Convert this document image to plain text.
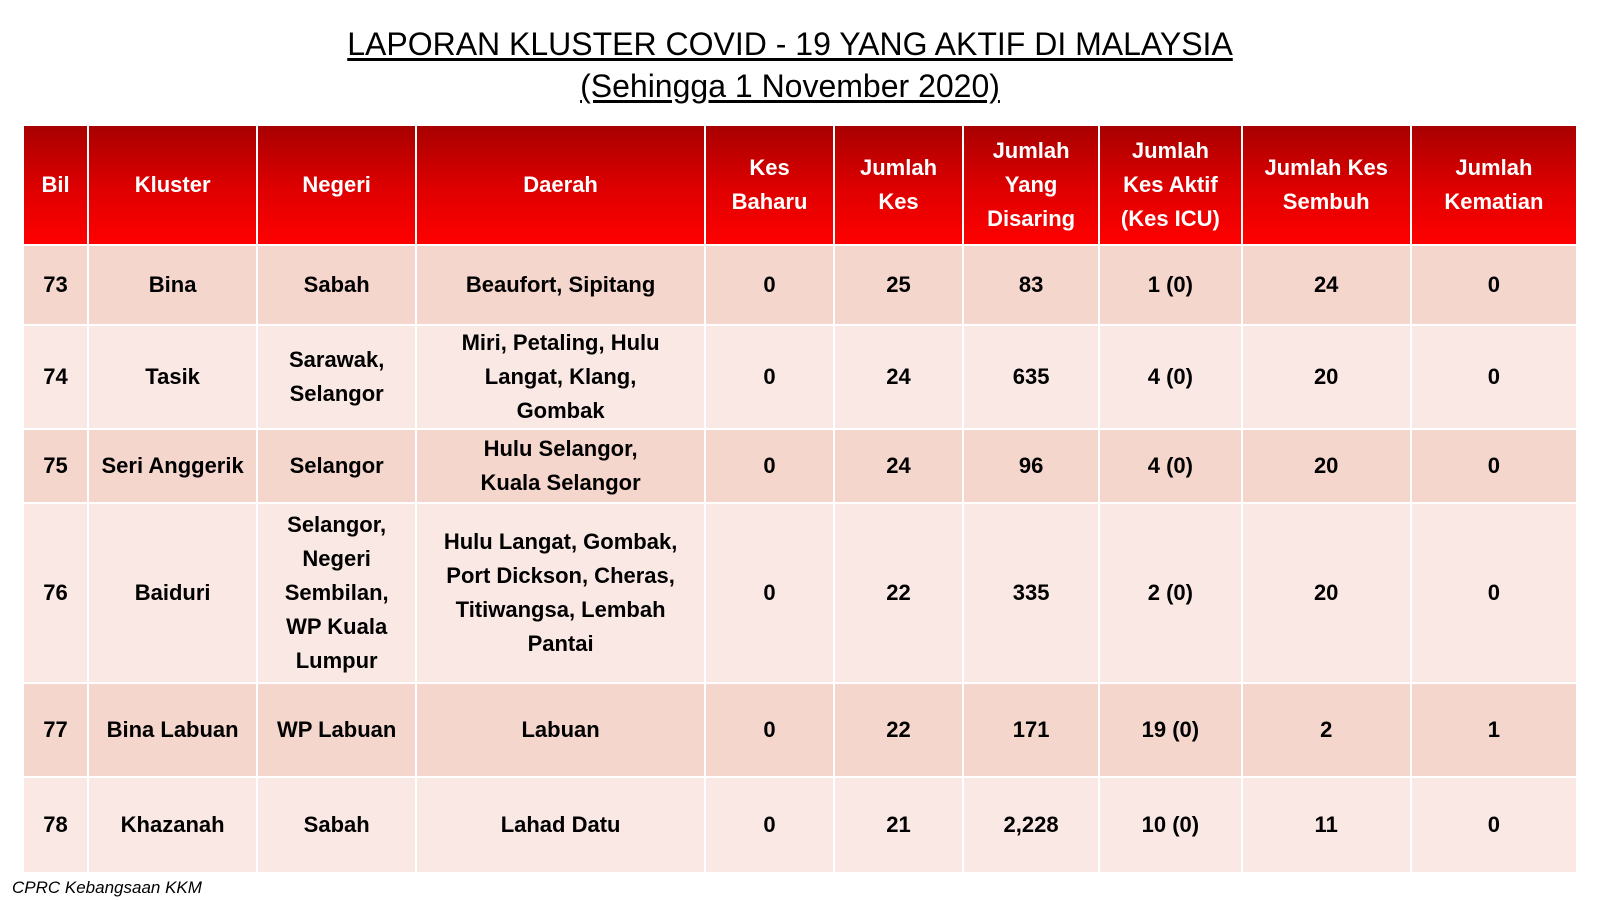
LAPORAN KLUSTER COVID - 19 YANG AKTIF DI MALAYSIA
(Sehingga 1 November 2020)
Bil	Kluster	Negeri	Daerah	Kes Baharu	Jumlah Kes	Jumlah Yang Disaring	Jumlah Kes Aktif (Kes ICU)	Jumlah Kes Sembuh	Jumlah Kematian
73	Bina	Sabah	Beaufort, Sipitang	0	25	83	1 (0)	24	0
74	Tasik	Sarawak, Selangor	Miri, Petaling, Hulu Langat, Klang, Gombak	0	24	635	4 (0)	20	0
75	Seri Anggerik	Selangor	Hulu Selangor, Kuala Selangor	0	24	96	4 (0)	20	0
76	Baiduri	Selangor, Negeri Sembilan, WP Kuala Lumpur	Hulu Langat, Gombak, Port Dickson, Cheras, Titiwangsa, Lembah Pantai	0	22	335	2 (0)	20	0
77	Bina Labuan	WP Labuan	Labuan	0	22	171	19 (0)	2	1
78	Khazanah	Sabah	Lahad Datu	0	21	2,228	10 (0)	11	0
CPRC Kebangsaan KKM
